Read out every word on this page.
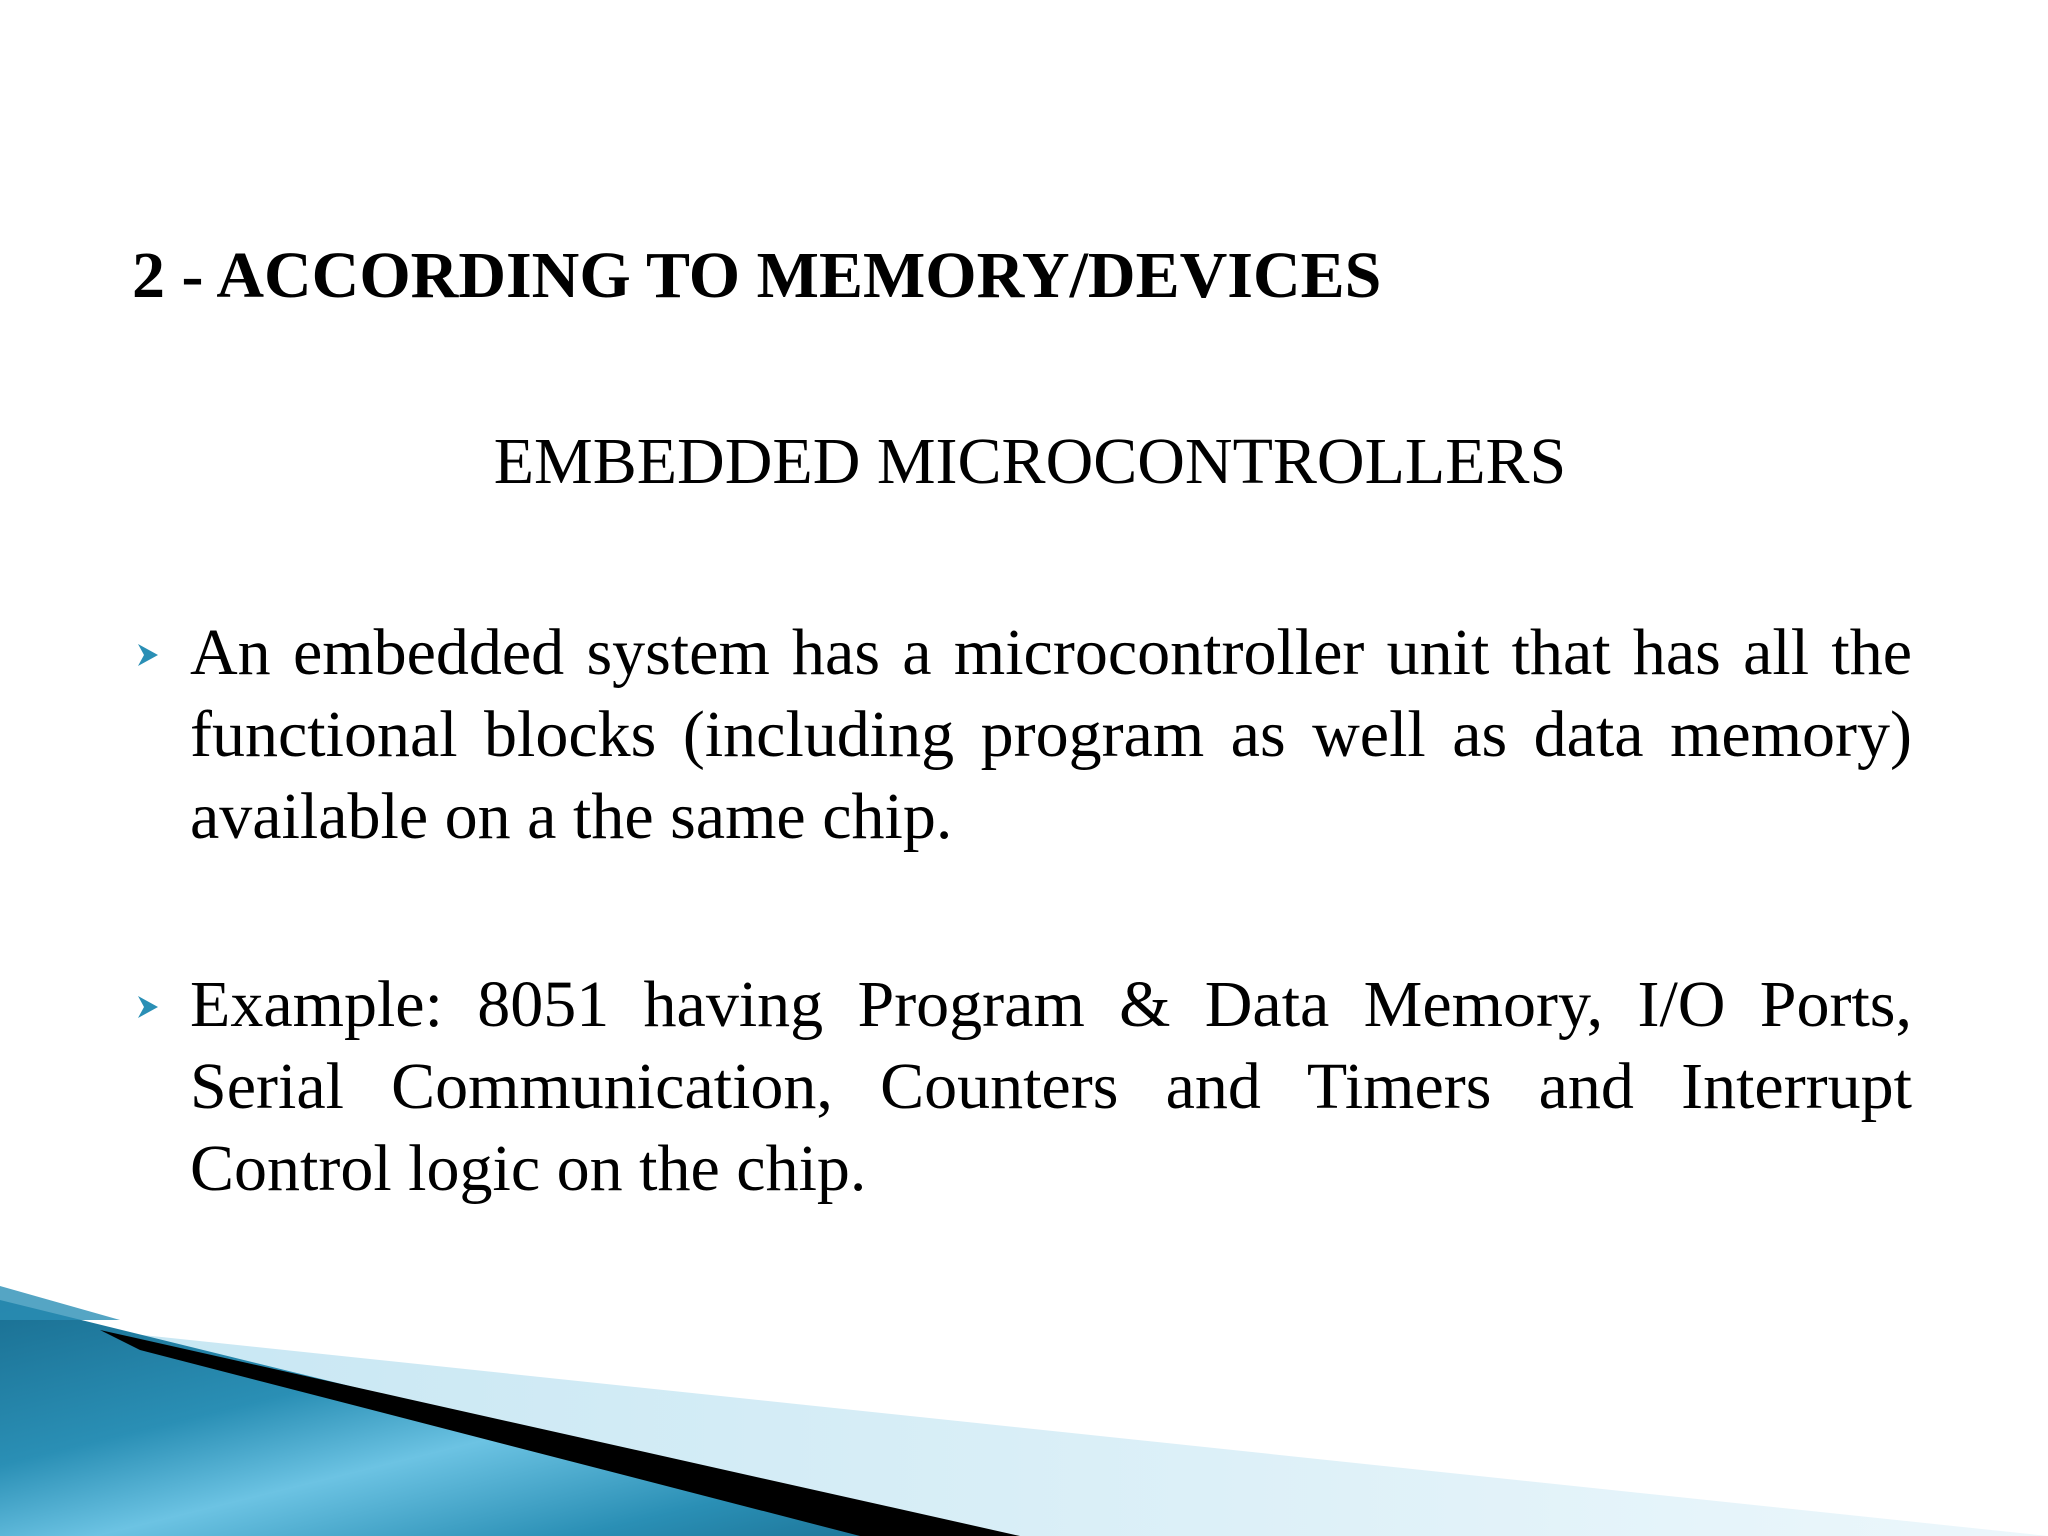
2 - ACCORDING TO MEMORY/DEVICES
EMBEDDED MICROCONTROLLERS
An embedded system has a microcontroller unit that has all the functional blocks (including program as well as data memory) available on a the same chip.
Example: 8051 having Program & Data Memory, I/O Ports, Serial Communication, Counters and Timers and Interrupt Control logic on the chip.
